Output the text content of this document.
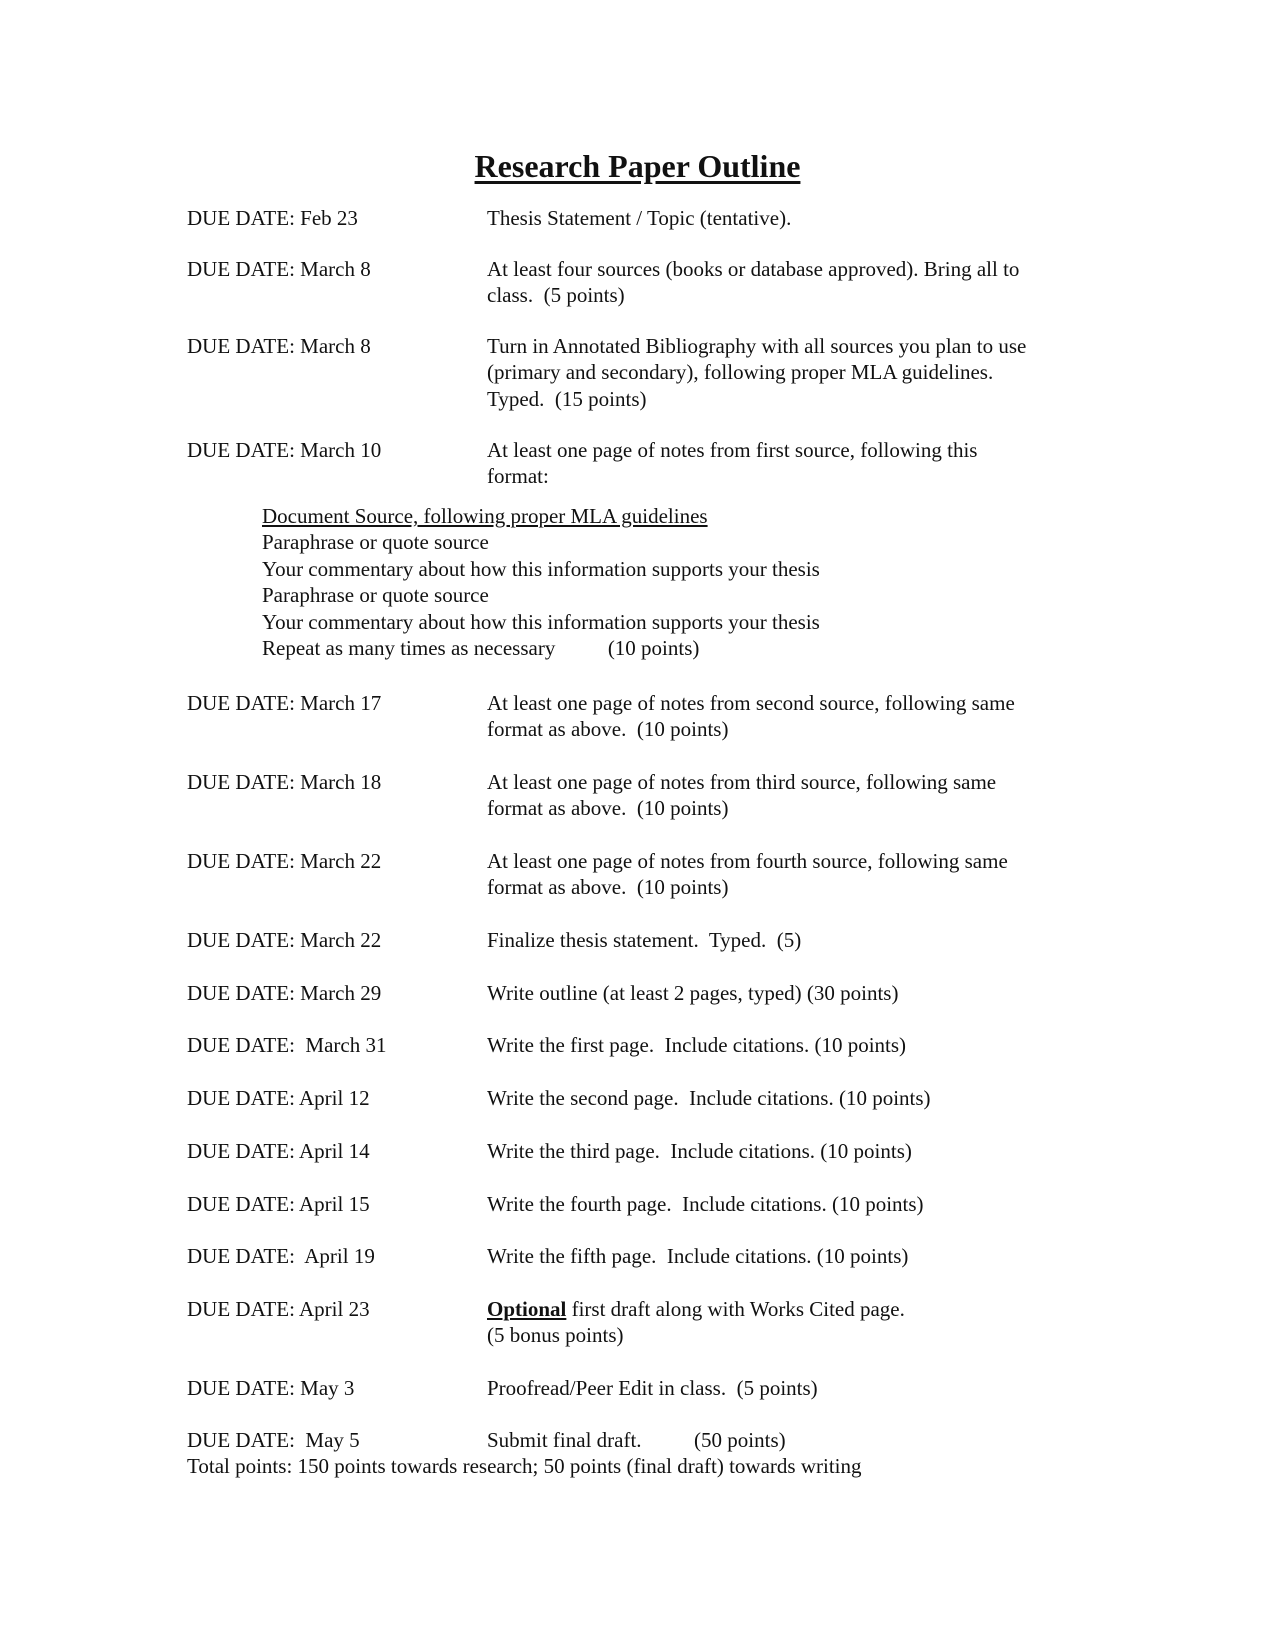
Research Paper Outline
DUE DATE: Feb 23	Thesis Statement / Topic (tentative).
DUE DATE: March 8	At least four sources (books or database approved). Bring all to
class.  (5 points)
DUE DATE: March 8	Turn in Annotated Bibliography with all sources you plan to use
(primary and secondary), following proper MLA guidelines.
Typed.  (15 points)
DUE DATE: March 10	At least one page of notes from first source, following this
format:
Document Source, following proper MLA guidelines
Paraphrase or quote source
Your commentary about how this information supports your thesis
Paraphrase or quote source
Your commentary about how this information supports your thesis
Repeat as many times as necessary          (10 points)
DUE DATE: March 17	At least one page of notes from second source, following same
format as above.  (10 points)
DUE DATE: March 18	At least one page of notes from third source, following same
format as above.  (10 points)
DUE DATE: March 22	At least one page of notes from fourth source, following same
format as above.  (10 points)
DUE DATE: March 22	Finalize thesis statement.  Typed.  (5)
DUE DATE: March 29	Write outline (at least 2 pages, typed) (30 points)
DUE DATE:  March 31	Write the first page.  Include citations. (10 points)
DUE DATE: April 12	Write the second page.  Include citations. (10 points)
DUE DATE: April 14	Write the third page.  Include citations. (10 points)
DUE DATE: April 15	Write the fourth page.  Include citations. (10 points)
DUE DATE:  April 19	Write the fifth page.  Include citations. (10 points)
DUE DATE: April 23	Optional first draft along with Works Cited page.
(5 bonus points)
DUE DATE: May 3	Proofread/Peer Edit in class.  (5 points)
DUE DATE:  May 5	Submit final draft.          (50 points)
Total points: 150 points towards research; 50 points (final draft) towards writing
